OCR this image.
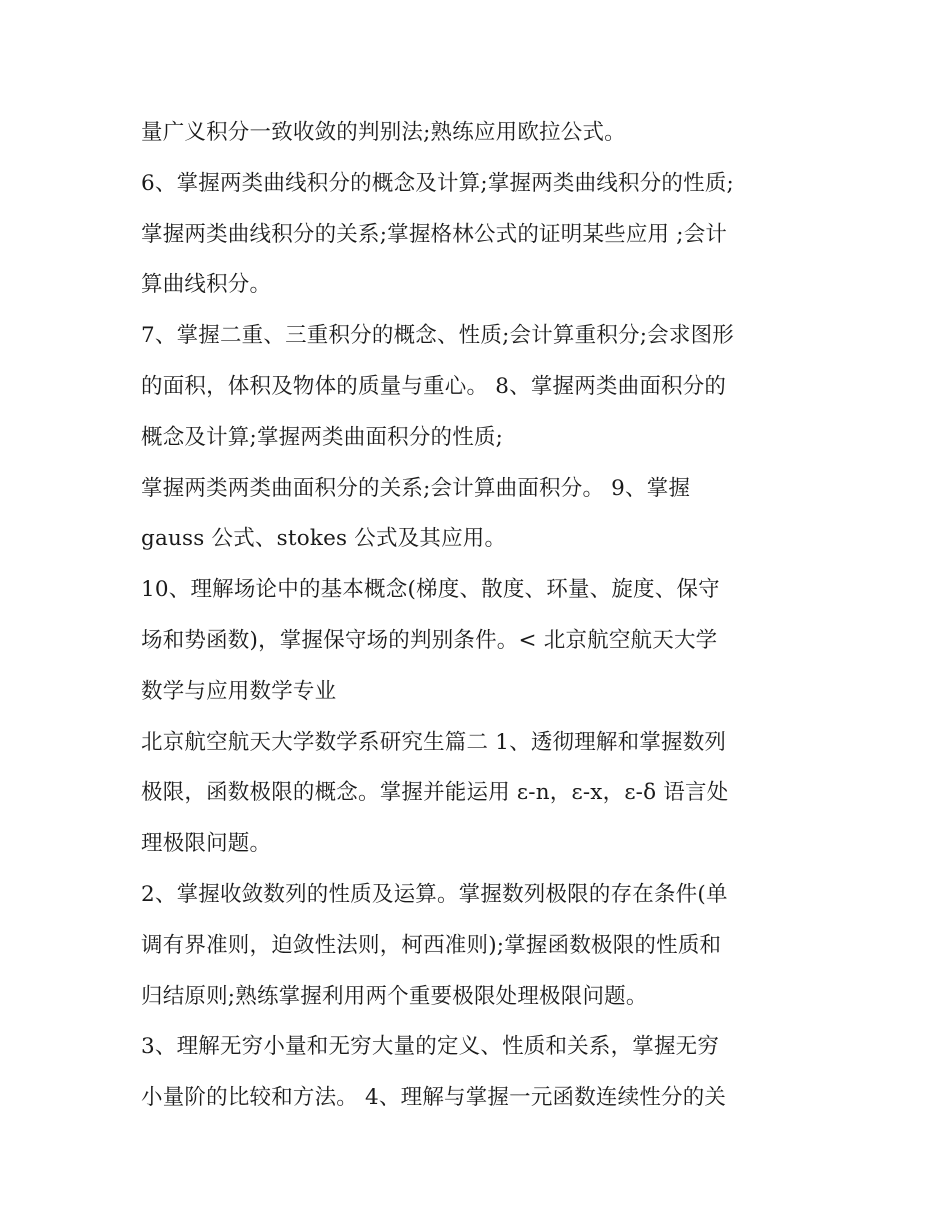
量广义积分一致收敛的判别法;熟练应用欧拉公式。
6、掌握两类曲线积分的概念及计算;掌握两类曲线积分的性质;
掌握两类曲线积分的关系;掌握格林公式的证明某些应用 ;会计
算曲线积分。
7、掌握二重、三重积分的概念、性质;会计算重积分;会求图形
的面积，体积及物体的质量与重心。 8、掌握两类曲面积分的
概念及计算;掌握两类曲面积分的性质;
掌握两类两类曲面积分的关系;会计算曲面积分。 9、掌握
gauss 公式、stokes 公式及其应用。
10、理解场论中的基本概念(梯度、散度、环量、旋度、保守
场和势函数)，掌握保守场的判别条件。< 北京航空航天大学
数学与应用数学专业
北京航空航天大学数学系研究生篇二 1、透彻理解和掌握数列
极限，函数极限的概念。掌握并能运用 ε-n，ε-x，ε-δ 语言处
理极限问题。
2、掌握收敛数列的性质及运算。掌握数列极限的存在条件(单
调有界准则，迫敛性法则，柯西准则);掌握函数极限的性质和
归结原则;熟练掌握利用两个重要极限处理极限问题。
3、理解无穷小量和无穷大量的定义、性质和关系，掌握无穷
小量阶的比较和方法。 4、理解与掌握一元函数连续性分的关
